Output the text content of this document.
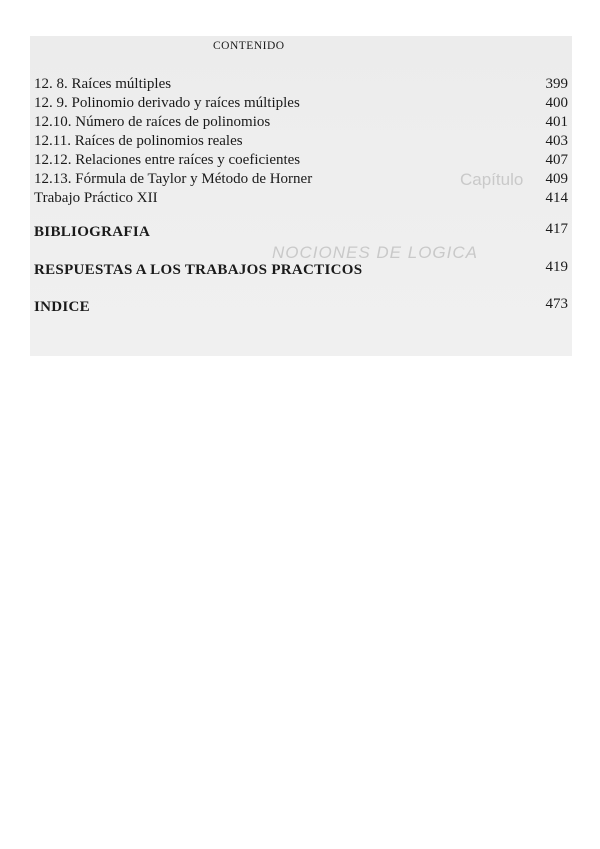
Capítulo
NOCIONES DE LOGICA
CONTENIDO
12. 8. Raíces múltiples	399
12. 9. Polinomio derivado y raíces múltiples	400
12.10. Número de raíces de polinomios	401
12.11. Raíces de polinomios reales	403
12.12. Relaciones entre raíces y coeficientes	407
12.13. Fórmula de Taylor y Método de Horner	409
Trabajo Práctico XII	414
BIBLIOGRAFIA	417
RESPUESTAS A LOS TRABAJOS PRACTICOS	419
INDICE	473
